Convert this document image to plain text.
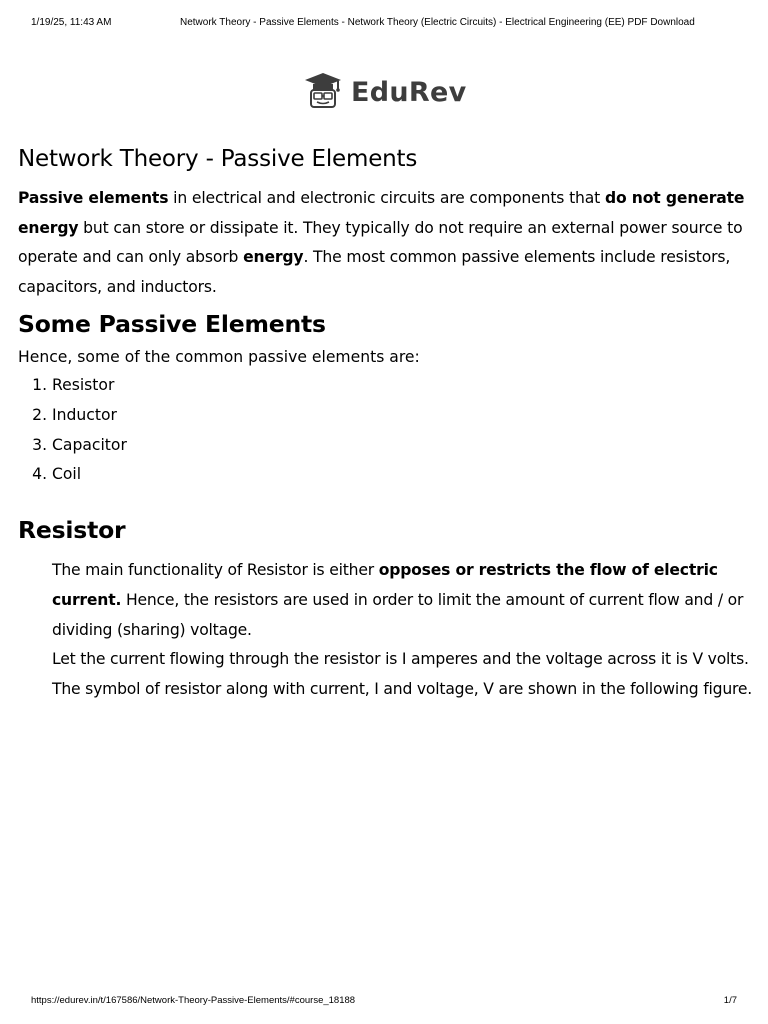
1/19/25, 11:43 AM	Network Theory - Passive Elements - Network Theory (Electric Circuits) - Electrical Engineering (EE) PDF Download
EduRev
Network Theory - Passive Elements

Passive elements in electrical and electronic circuits are components that do not generate energy but can store or dissipate it. They typically do not require an external power source to operate and can only absorb energy. The most common passive elements include resistors, capacitors, and inductors.

Some Passive Elements

Hence, some of the common passive elements are:

1. Resistor
2. Inductor
3. Capacitor
4. Coil
Resistor

The main functionality of Resistor is either opposes or restricts the flow of electric current. Hence, the resistors are used in order to limit the amount of current flow and / or dividing (sharing) voltage.

Let the current flowing through the resistor is I amperes and the voltage across it is V volts. The symbol of resistor along with current, I and voltage, V are shown in the following figure.

https://edurev.in/t/167586/Network-Theory-Passive-Elements/#course_18188	1/7
